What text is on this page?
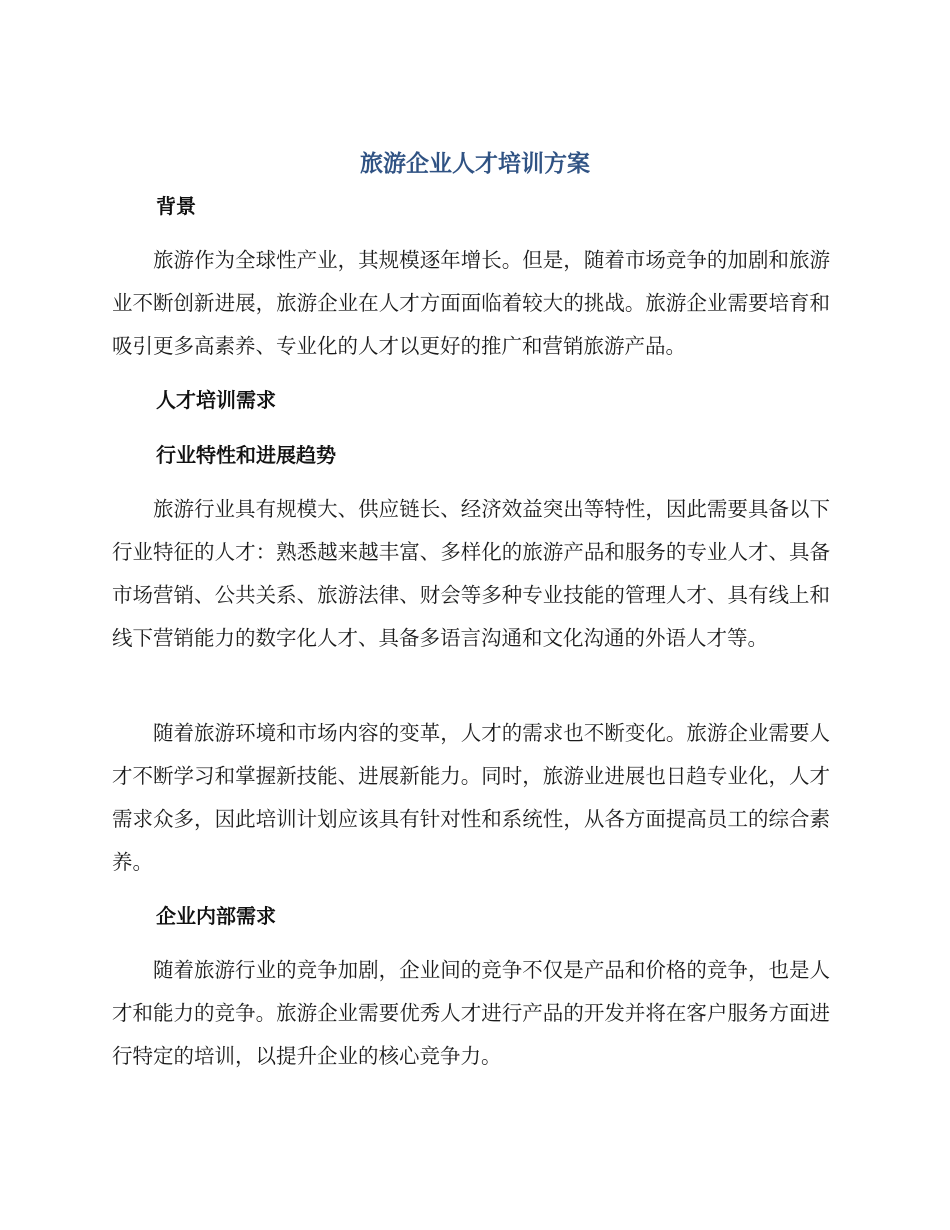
旅游企业人才培训方案
背景

旅游作为全球性产业，其规模逐年增长。但是，随着市场竞争的加剧和旅游业不断创新进展，旅游企业在人才方面面临着较大的挑战。旅游企业需要培育和吸引更多高素养、专业化的人才以更好的推广和营销旅游产品。

人才培训需求
行业特性和进展趋势

旅游行业具有规模大、供应链长、经济效益突出等特性，因此需要具备以下行业特征的人才：熟悉越来越丰富、多样化的旅游产品和服务的专业人才、具备市场营销、公共关系、旅游法律、财会等多种专业技能的管理人才、具有线上和线下营销能力的数字化人才、具备多语言沟通和文化沟通的外语人才等。

随着旅游环境和市场内容的变革，人才的需求也不断变化。旅游企业需要人才不断学习和掌握新技能、进展新能力。同时，旅游业进展也日趋专业化，人才需求众多，因此培训计划应该具有针对性和系统性，从各方面提高员工的综合素养。

企业内部需求

随着旅游行业的竞争加剧，企业间的竞争不仅是产品和价格的竞争，也是人才和能力的竞争。旅游企业需要优秀人才进行产品的开发并将在客户服务方面进行特定的培训，以提升企业的核心竞争力。
